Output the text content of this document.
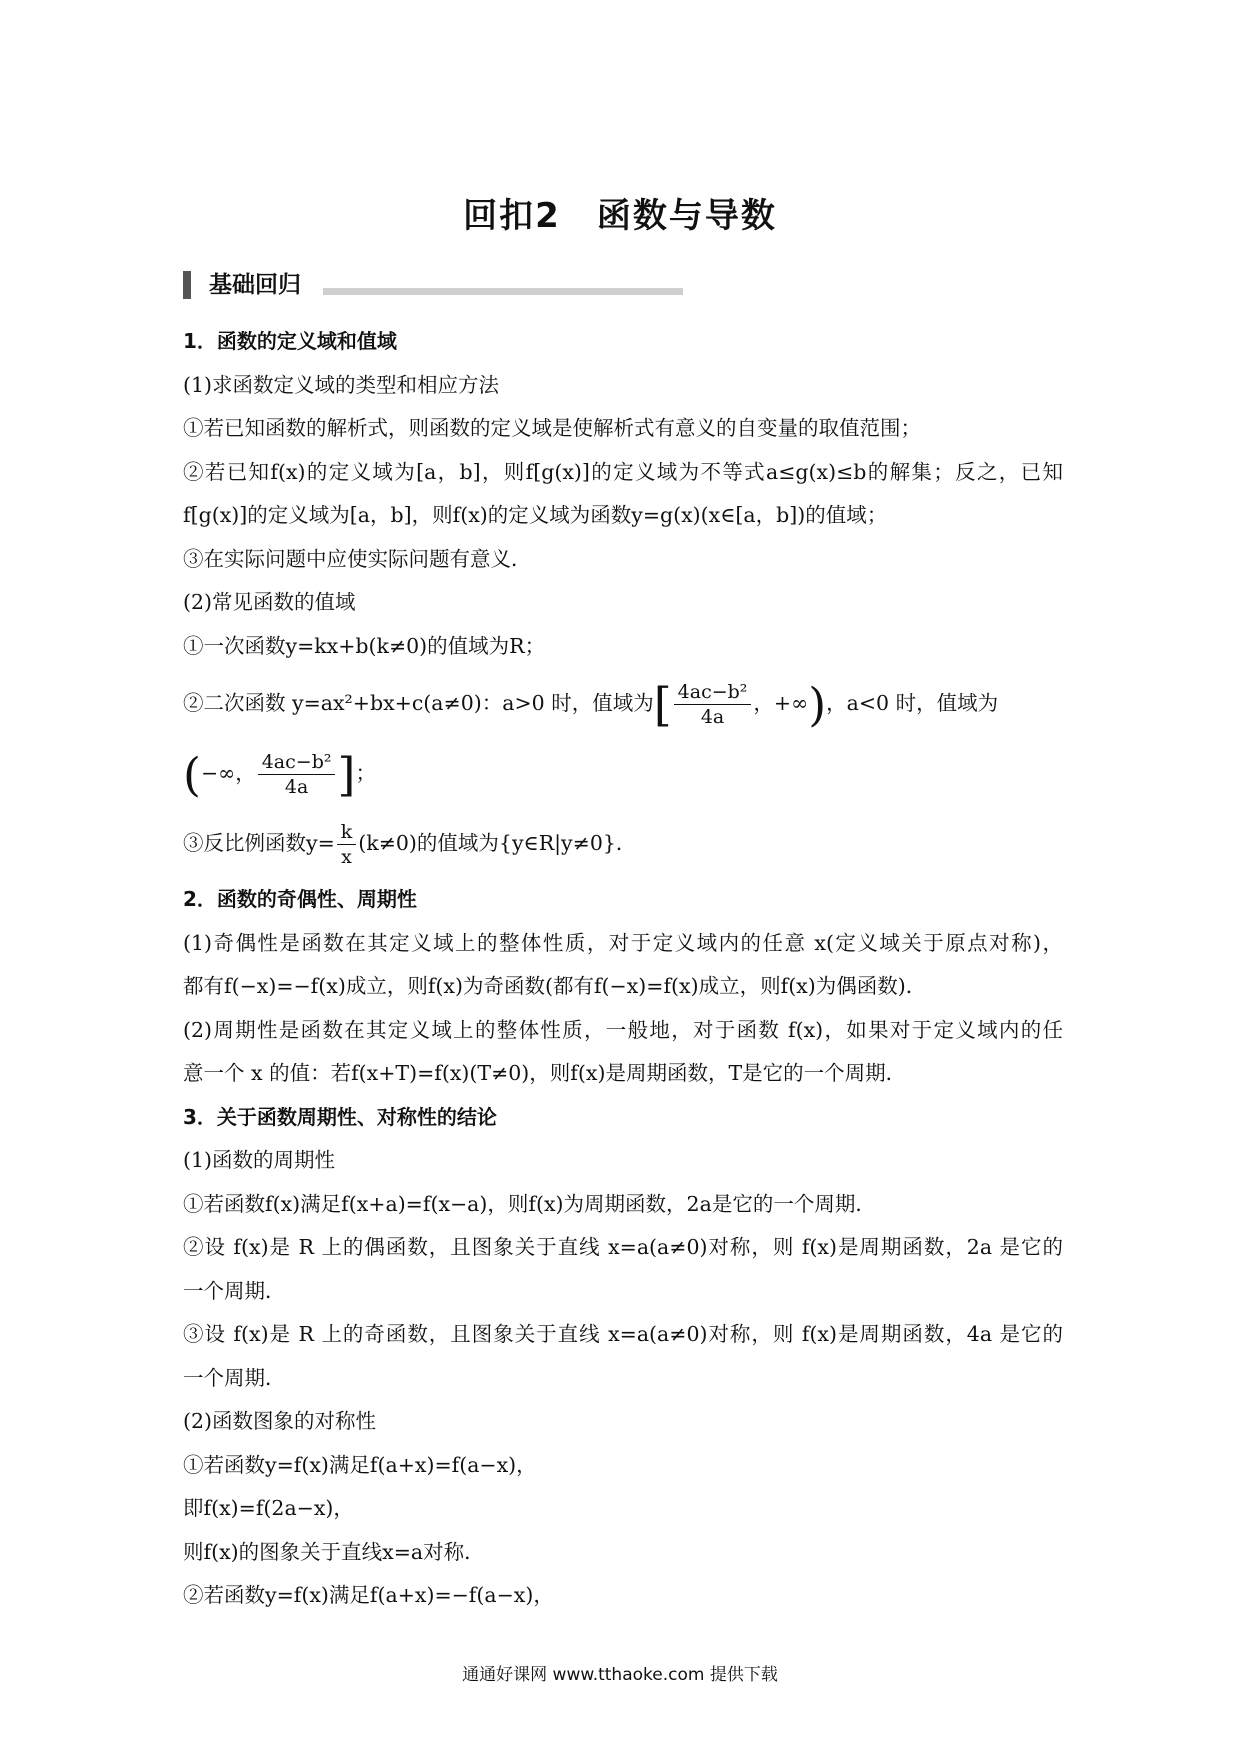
回扣2　函数与导数
基础回归
1．函数的定义域和值域
(1)求函数定义域的类型和相应方法
①若已知函数的解析式，则函数的定义域是使解析式有意义的自变量的取值范围；
②若已知f(x)的定义域为[a，b]，则f[g(x)]的定义域为不等式a≤g(x)≤b的解集；反之，已知
f[g(x)]的定义域为[a，b]，则f(x)的定义域为函数y=g(x)(x∈[a，b])的值域；
③在实际问题中应使实际问题有意义．
(2)常见函数的值域
①一次函数y=kx+b(k≠0)的值域为R；
②二次函数 y=ax²+bx+c(a≠0)：a>0 时，值域为[ $\frac{\text{4ac−b²}}{4a}$ ，+∞)，a<0 时，值域为
(−∞， $\frac{\text{4ac−b²}}{4a}$ ]；
③反比例函数$y= \frac{k}{x} (k\ne 0)$的值域为{y∈R|y≠0}．
2．函数的奇偶性、周期性
(1)奇偶性是函数在其定义域上的整体性质，对于定义域内的任意 x(定义域关于原点对称)，
都有f(−x)=−f(x)成立，则f(x)为奇函数(都有f(−x)=f(x)成立，则f(x)为偶函数)．
(2)周期性是函数在其定义域上的整体性质，一般地，对于函数 f(x)，如果对于定义域内的任
意一个 x 的值：若f(x+T)=f(x)(T≠0)，则f(x)是周期函数，T是它的一个周期．
3．关于函数周期性、对称性的结论
(1)函数的周期性
①若函数f(x)满足f(x+a)=f(x−a)，则f(x)为周期函数，2a是它的一个周期．
②设 f(x)是 R 上的偶函数，且图象关于直线 x=a(a≠0)对称，则 f(x)是周期函数，2a 是它的
一个周期．
③设 f(x)是 R 上的奇函数，且图象关于直线 x=a(a≠0)对称，则 f(x)是周期函数，4a 是它的
一个周期．
(2)函数图象的对称性
①若函数y=f(x)满足f(a+x)=f(a−x)，
即f(x)=f(2a−x)，
则f(x)的图象关于直线x=a对称．
②若函数y=f(x)满足f(a+x)=−f(a−x)，
通通好课网 www.tthaoke.com 提供下载
